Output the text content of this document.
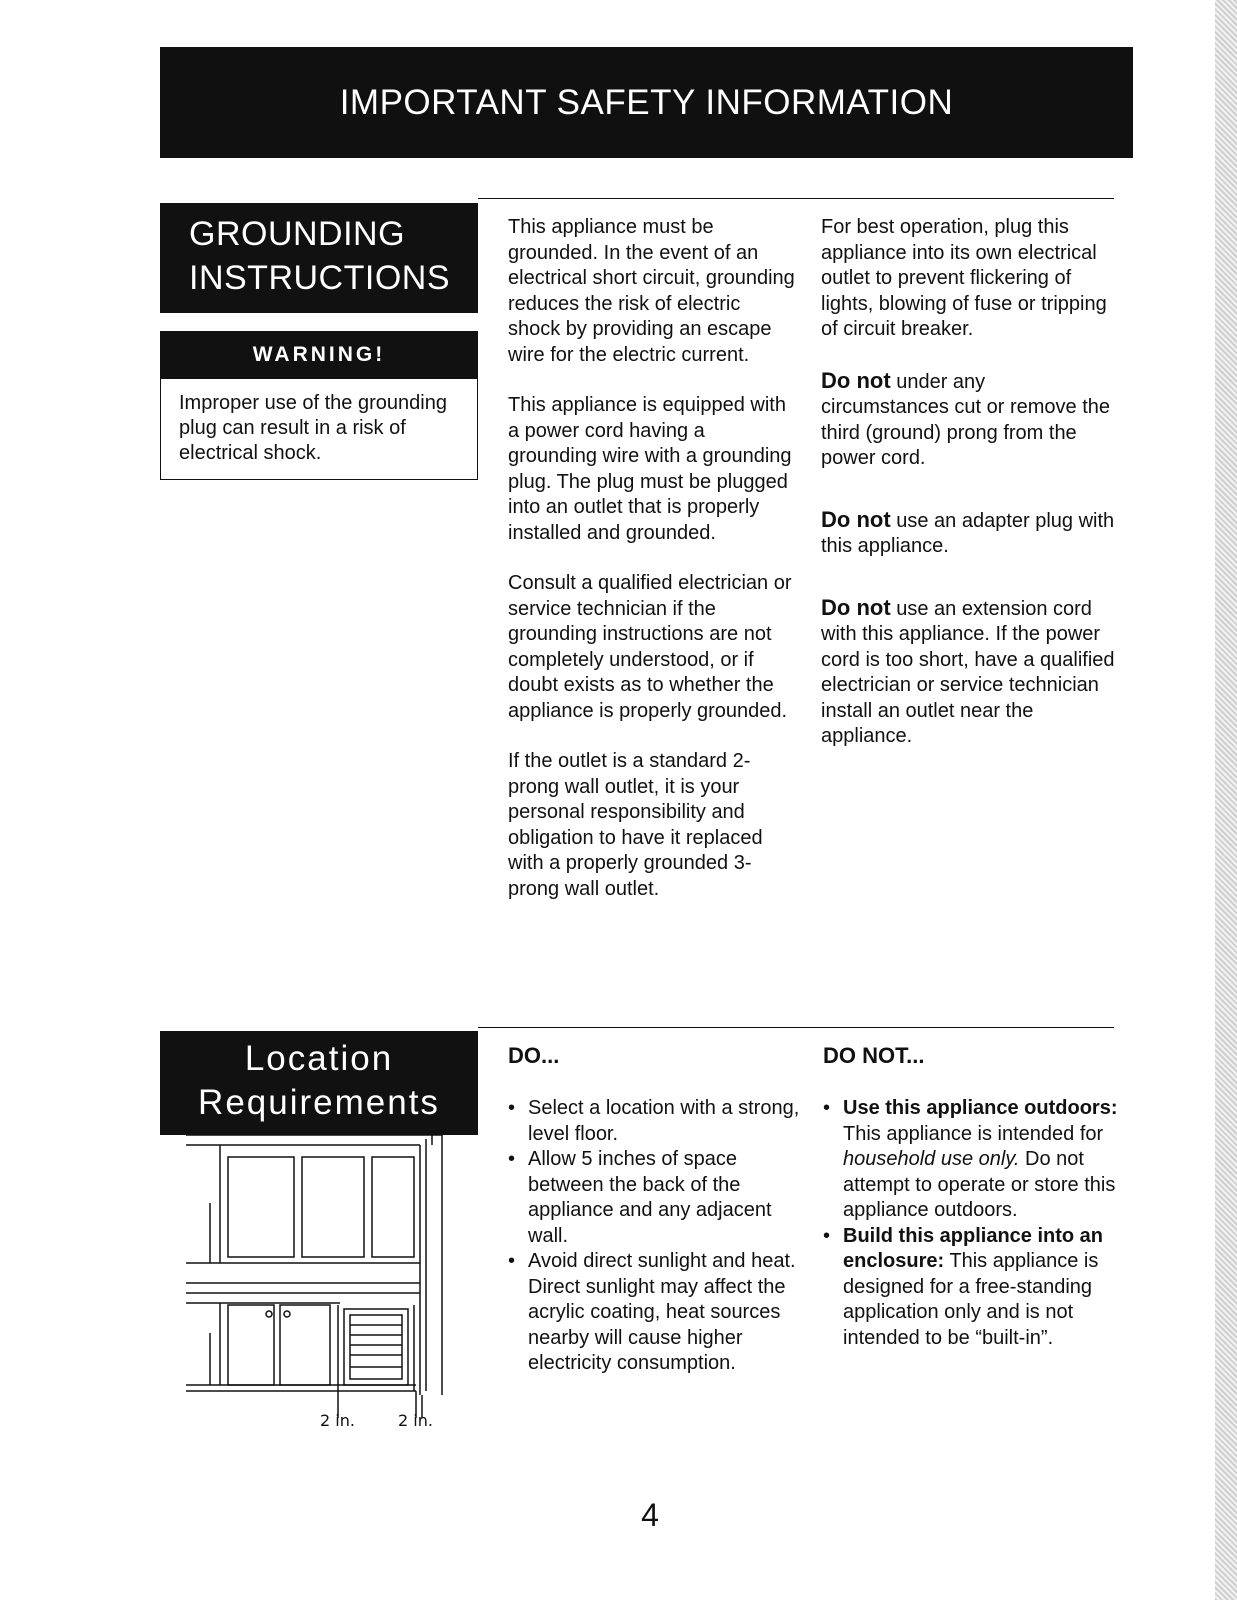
IMPORTANT SAFETY INFORMATION
GROUNDING
INSTRUCTIONS
WARNING!
Improper use of the grounding plug can result in a risk of electrical shock.

This appliance must be grounded. In the event of an electrical short circuit, grounding reduces the risk of electric shock by providing an escape wire for the electric current.

This appliance is equipped with a power cord having a grounding wire with a grounding plug. The plug must be plugged into an outlet that is properly installed and grounded.

Consult a qualified electrician or service technician if the grounding instructions are not completely understood, or if doubt exists as to whether the appliance is properly grounded.

If the outlet is a standard 2-prong wall outlet, it is your personal responsibility and obligation to have it replaced with a properly grounded 3-prong wall outlet.

For best operation, plug this appliance into its own electrical outlet to prevent flickering of lights, blowing of fuse or tripping of circuit breaker.

Do not under any circumstances cut or remove the third (ground) prong from the power cord.

Do not use an adapter plug with this appliance.

Do not use an extension cord with this appliance. If the power cord is too short, have a qualified electrician or service technician install an outlet near the appliance.

Location
Requirements
DO...
• Select a location with a strong, level floor.
• Allow 5 inches of space between the back of the appliance and any adjacent wall.
• Avoid direct sunlight and heat. Direct sunlight may affect the acrylic coating, heat sources nearby will cause higher electricity consumption.
DO NOT...
• Use this appliance outdoors: This appliance is intended for household use only. Do not attempt to operate or store this appliance outdoors.
• Build this appliance into an enclosure: This appliance is designed for a free-standing application only and is not intended to be “built-in”.
2 in.	2 in.
4
